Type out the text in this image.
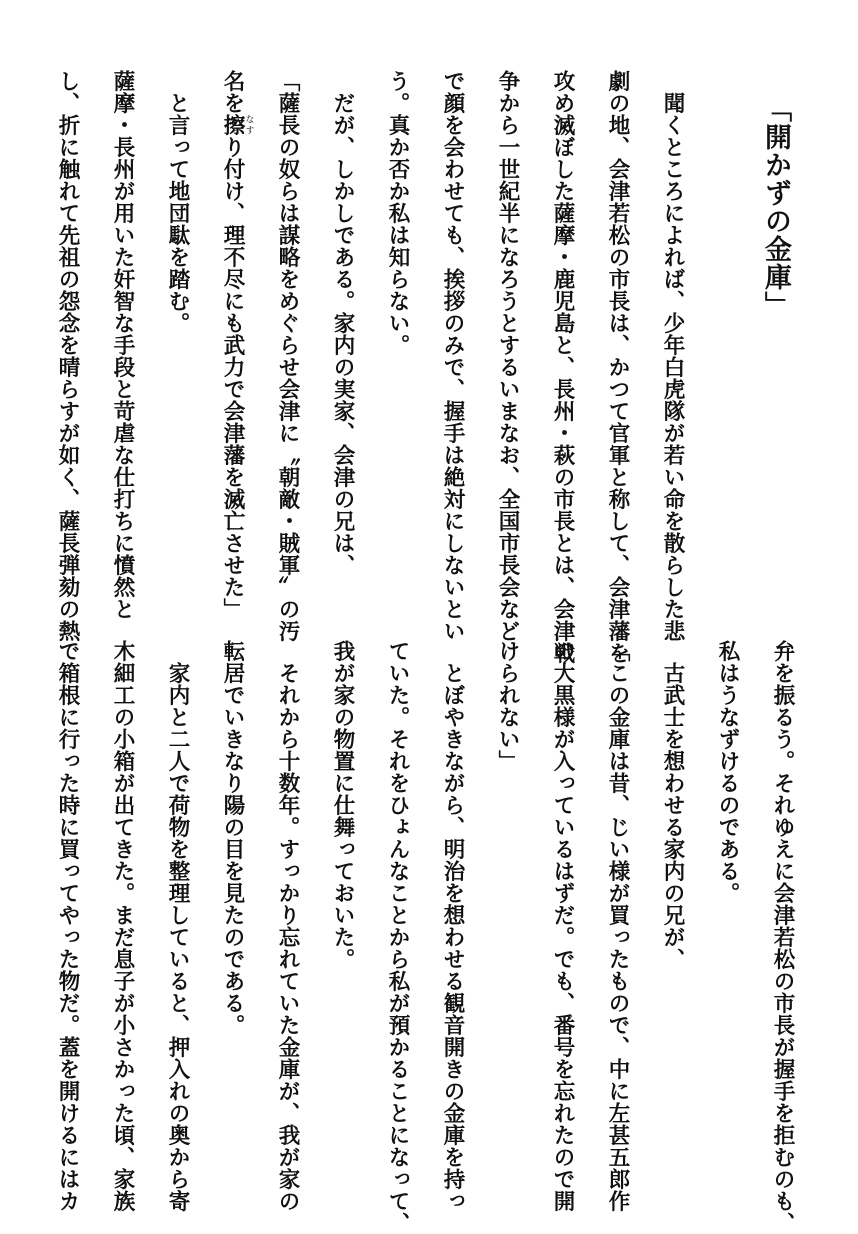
「開かずの金庫」
聞くところによれば、少年白虎隊が若い命を散らした悲
劇の地、会津若松の市長は、かつて官軍と称して、会津藩を
攻め滅ぼした薩摩・鹿児島と、長州・萩の市長とは、会津戦
争から一世紀半になろうとするいまなお、全国市長会など
で顔を会わせても、挨拶のみで、握手は絶対にしないとい
う。真か否か私は知らない。
だが、しかしである。家内の実家、会津の兄は、
「薩長の奴らは謀略をめぐらせ会津に〝朝敵・賊軍〟の汚
名を擦なすり付け、理不尽にも武力で会津藩を滅亡させた」
と言って地団駄を踏む。
薩摩・長州が用いた奸智な手段と苛虐な仕打ちに憤然と
し、折に触れて先祖の怨念を晴らすが如く、薩長弾劾の熱
弁を振るう。それゆえに会津若松の市長が握手を拒むのも、
私はうなずけるのである。
古武士を想わせる家内の兄が、
「この金庫は昔、じい様が買ったもので、中に左甚五郎作
の大黒様が入っているはずだ。でも、番号を忘れたので開
けられない」
とぼやきながら、明治を想わせる観音開きの金庫を持っ
ていた。それをひょんなことから私が預かることになって、
我が家の物置に仕舞っておいた。
それから十数年。すっかり忘れていた金庫が、我が家の
転居でいきなり陽の目を見たのである。
家内と二人で荷物を整理していると、押入れの奥から寄
木細工の小箱が出てきた。まだ息子が小さかった頃、家族
で箱根に行った時に買ってやった物だ。蓋を開けるにはカ
